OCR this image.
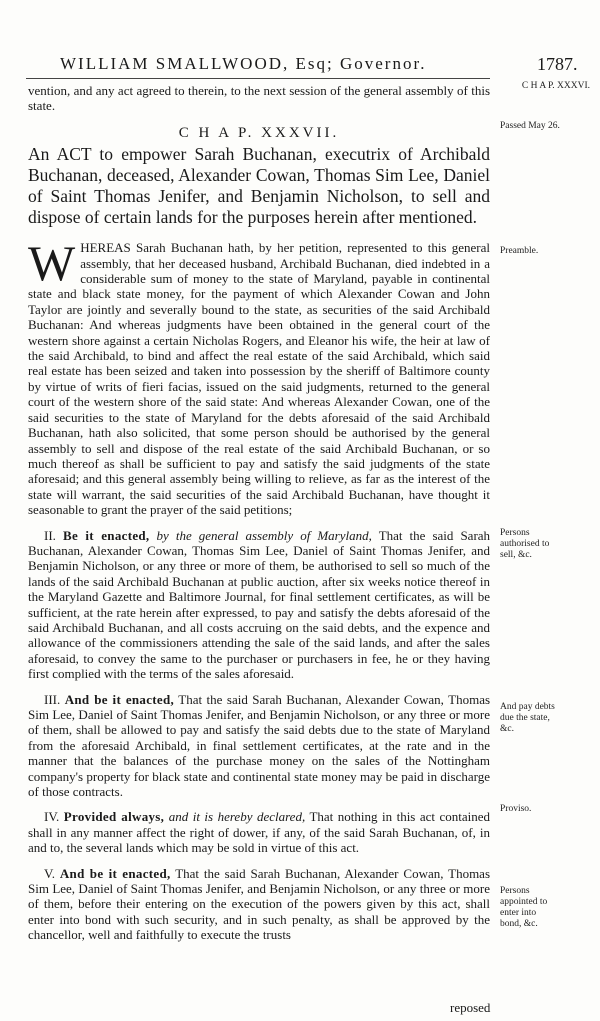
WILLIAM SMALLWOOD, Esq; Governor.	1787.
C H A P. XXXVI.
Passed May 26.
Preamble.
Persons authorised to sell, &c.
And pay debts due the state, &c.
Proviso.
Persons appointed to enter into bond, &c.

vention, and any act agreed to therein, to the next session of the general assembly of this state.

C H A P. XXXVII.

An ACT to empower Sarah Buchanan, executrix of Archibald Buchanan, deceased, Alexander Cowan, Thomas Sim Lee, Daniel of Saint Thomas Jenifer, and Benjamin Nicholson, to sell and dispose of certain lands for the purposes herein after mentioned.

WHEREAS Sarah Buchanan hath, by her petition, represented to this general assembly, that her deceased husband, Archibald Buchanan, died indebted in a considerable sum of money to the state of Maryland, payable in continental state and black state money, for the payment of which Alexander Cowan and John Taylor are jointly and severally bound to the state, as securities of the said Archibald Buchanan: And whereas judgments have been obtained in the general court of the western shore against a certain Nicholas Rogers, and Eleanor his wife, the heir at law of the said Archibald, to bind and affect the real estate of the said Archibald, which said real estate has been seized and taken into possession by the sheriff of Baltimore county by virtue of writs of fieri facias, issued on the said judgments, returned to the general court of the western shore of the said state: And whereas Alexander Cowan, one of the said securities to the state of Maryland for the debts aforesaid of the said Archibald Buchanan, hath also solicited, that some person should be authorised by the general assembly to sell and dispose of the real estate of the said Archibald Buchanan, or so much thereof as shall be sufficient to pay and satisfy the said judgments of the state aforesaid; and this general assembly being willing to relieve, as far as the interest of the state will warrant, the said securities of the said Archibald Buchanan, have thought it seasonable to grant the prayer of the said petitions;

II. Be it enacted, by the general assembly of Maryland, That the said Sarah Buchanan, Alexander Cowan, Thomas Sim Lee, Daniel of Saint Thomas Jenifer, and Benjamin Nicholson, or any three or more of them, be authorised to sell so much of the lands of the said Archibald Buchanan at public auction, after six weeks notice thereof in the Maryland Gazette and Baltimore Journal, for final settlement certificates, as will be sufficient, at the rate herein after expressed, to pay and satisfy the debts aforesaid of the said Archibald Buchanan, and all costs accruing on the said debts, and the expence and allowance of the commissioners attending the sale of the said lands, and after the sales aforesaid, to convey the same to the purchaser or purchasers in fee, he or they having first complied with the terms of the sales aforesaid.

III. And be it enacted, That the said Sarah Buchanan, Alexander Cowan, Thomas Sim Lee, Daniel of Saint Thomas Jenifer, and Benjamin Nicholson, or any three or more of them, shall be allowed to pay and satisfy the said debts due to the state of Maryland from the aforesaid Archibald, in final settlement certificates, at the rate and in the manner that the balances of the purchase money on the sales of the Nottingham company's property for black state and continental state money may be paid in discharge of those contracts.

IV. Provided always, and it is hereby declared, That nothing in this act contained shall in any manner affect the right of dower, if any, of the said Sarah Buchanan, of, in and to, the several lands which may be sold in virtue of this act.

V. And be it enacted, That the said Sarah Buchanan, Alexander Cowan, Thomas Sim Lee, Daniel of Saint Thomas Jenifer, and Benjamin Nicholson, or any three or more of them, before their entering on the execution of the powers given by this act, shall enter into bond with such security, and in such penalty, as shall be approved by the chancellor, well and faithfully to execute the trusts

reposed
